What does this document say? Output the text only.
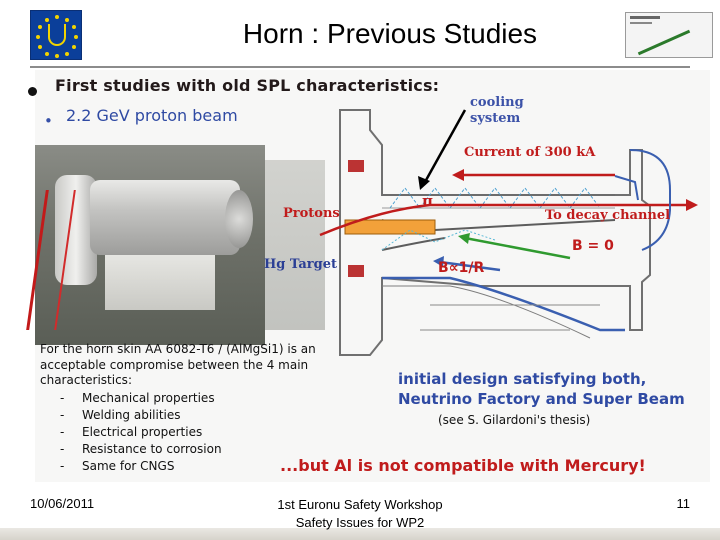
Horn : Previous Studies
First studies with old SPL characteristics:
• 2.2 GeV proton beam
cooling system
Current of 300 kA
π
Protons	To decay channel
Hg Target
B = 0
B∝1/R
For the horn skin AA 6082-T6 / (AlMgSi1) is an acceptable compromise between the 4 main characteristics:
-	Mechanical properties
-	Welding abilities
-	Electrical properties
-	Resistance to corrosion
-	Same for CNGS
initial design satisfying both,
Neutrino Factory and Super Beam
(see S. Gilardoni's thesis)
...but Al is not compatible with Mercury!
10/06/2011	1st Euronu Safety Workshop
Safety Issues for WP2
11
